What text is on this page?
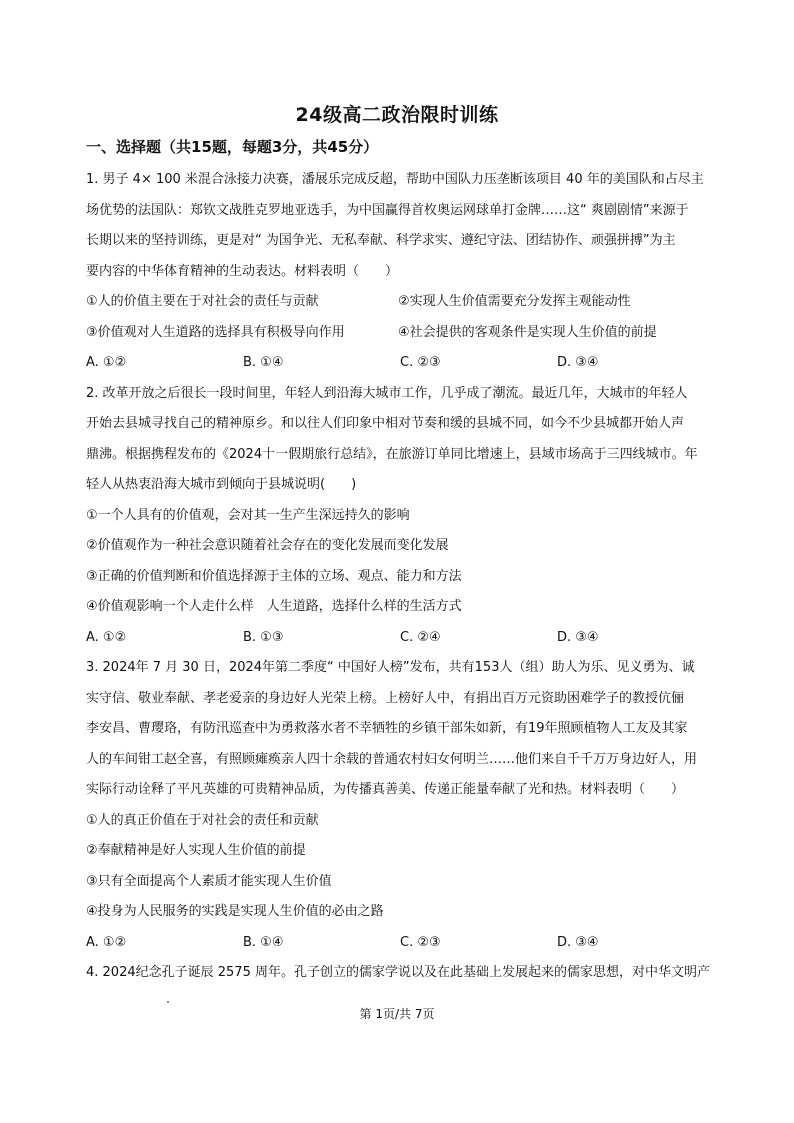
24级高二政治限时训练
一、选择题（共15题，每题3分，共45分）
1. 男子 4× 100 米混合泳接力决赛，潘展乐完成反超，帮助中国队力压垄断该项目 40 年的美国队和占尽主
场优势的法国队：郑钦文战胜克罗地亚选手，为中国赢得首枚奥运网球单打金牌……这“ 爽剧剧情”来源于
长期以来的坚持训练，更是对“ 为国争光、无私奉献、科学求实、遵纪守法、团结协作、顽强拼搏”为主
要内容的中华体育精神的生动表达。材料表明（　　）
①人的价值主要在于对社会的责任与贡献	②实现人生价值需要充分发挥主观能动性
③价值观对人生道路的选择具有积极导向作用	④社会提供的客观条件是实现人生价值的前提
A. ①②	B. ①④	C. ②③	D. ③④
2. 改革开放之后很长一段时间里，年轻人到沿海大城市工作，几乎成了潮流。最近几年，大城市的年轻人
开始去县城寻找自己的精神原乡。和以往人们印象中相对节奏和缓的县城不同，如今不少县城都开始人声
鼎沸。根据携程发布的《2024十一假期旅行总结》，在旅游订单同比增速上，县域市场高于三四线城市。年
轻人从热衷沿海大城市到倾向于县城说明(　　)
①一个人具有的价值观，会对其一生产生深远持久的影响
②价值观作为一种社会意识随着社会存在的变化发展而变化发展
③正确的价值判断和价值选择源于主体的立场、观点、能力和方法
④价值观影响一个人走什么样　人生道路，选择什么样的生活方式
A. ①②	B. ①③	C. ②④	D. ③④
3. 2024年 7 月 30 日，2024年第二季度“ 中国好人榜”发布，共有153人（组）助人为乐、见义勇为、诚
实守信、敬业奉献、孝老爱亲的身边好人光荣上榜。上榜好人中，有捐出百万元资助困难学子的教授伉俪
李安昌、曹璎珞，有防汛巡查中为勇救落水者不幸牺牲的乡镇干部朱如新，有19年照顾植物人工友及其家
人的车间钳工赵全喜，有照顾瘫痪亲人四十余载的普通农村妇女何明兰……他们来自千千万万身边好人，用
实际行动诠释了平凡英雄的可贵精神品质，为传播真善美、传递正能量奉献了光和热。材料表明（　　）
①人的真正价值在于对社会的责任和贡献
②奉献精神是好人实现人生价值的前提
③只有全面提高个人素质才能实现人生价值
④投身为人民服务的实践是实现人生价值的必由之路
A. ①②	B. ①④	C. ②③	D. ③④
4. 2024纪念孔子诞辰 2575 周年。孔子创立的儒家学说以及在此基础上发展起来的儒家思想，对中华文明产
第 1页/共 7页
